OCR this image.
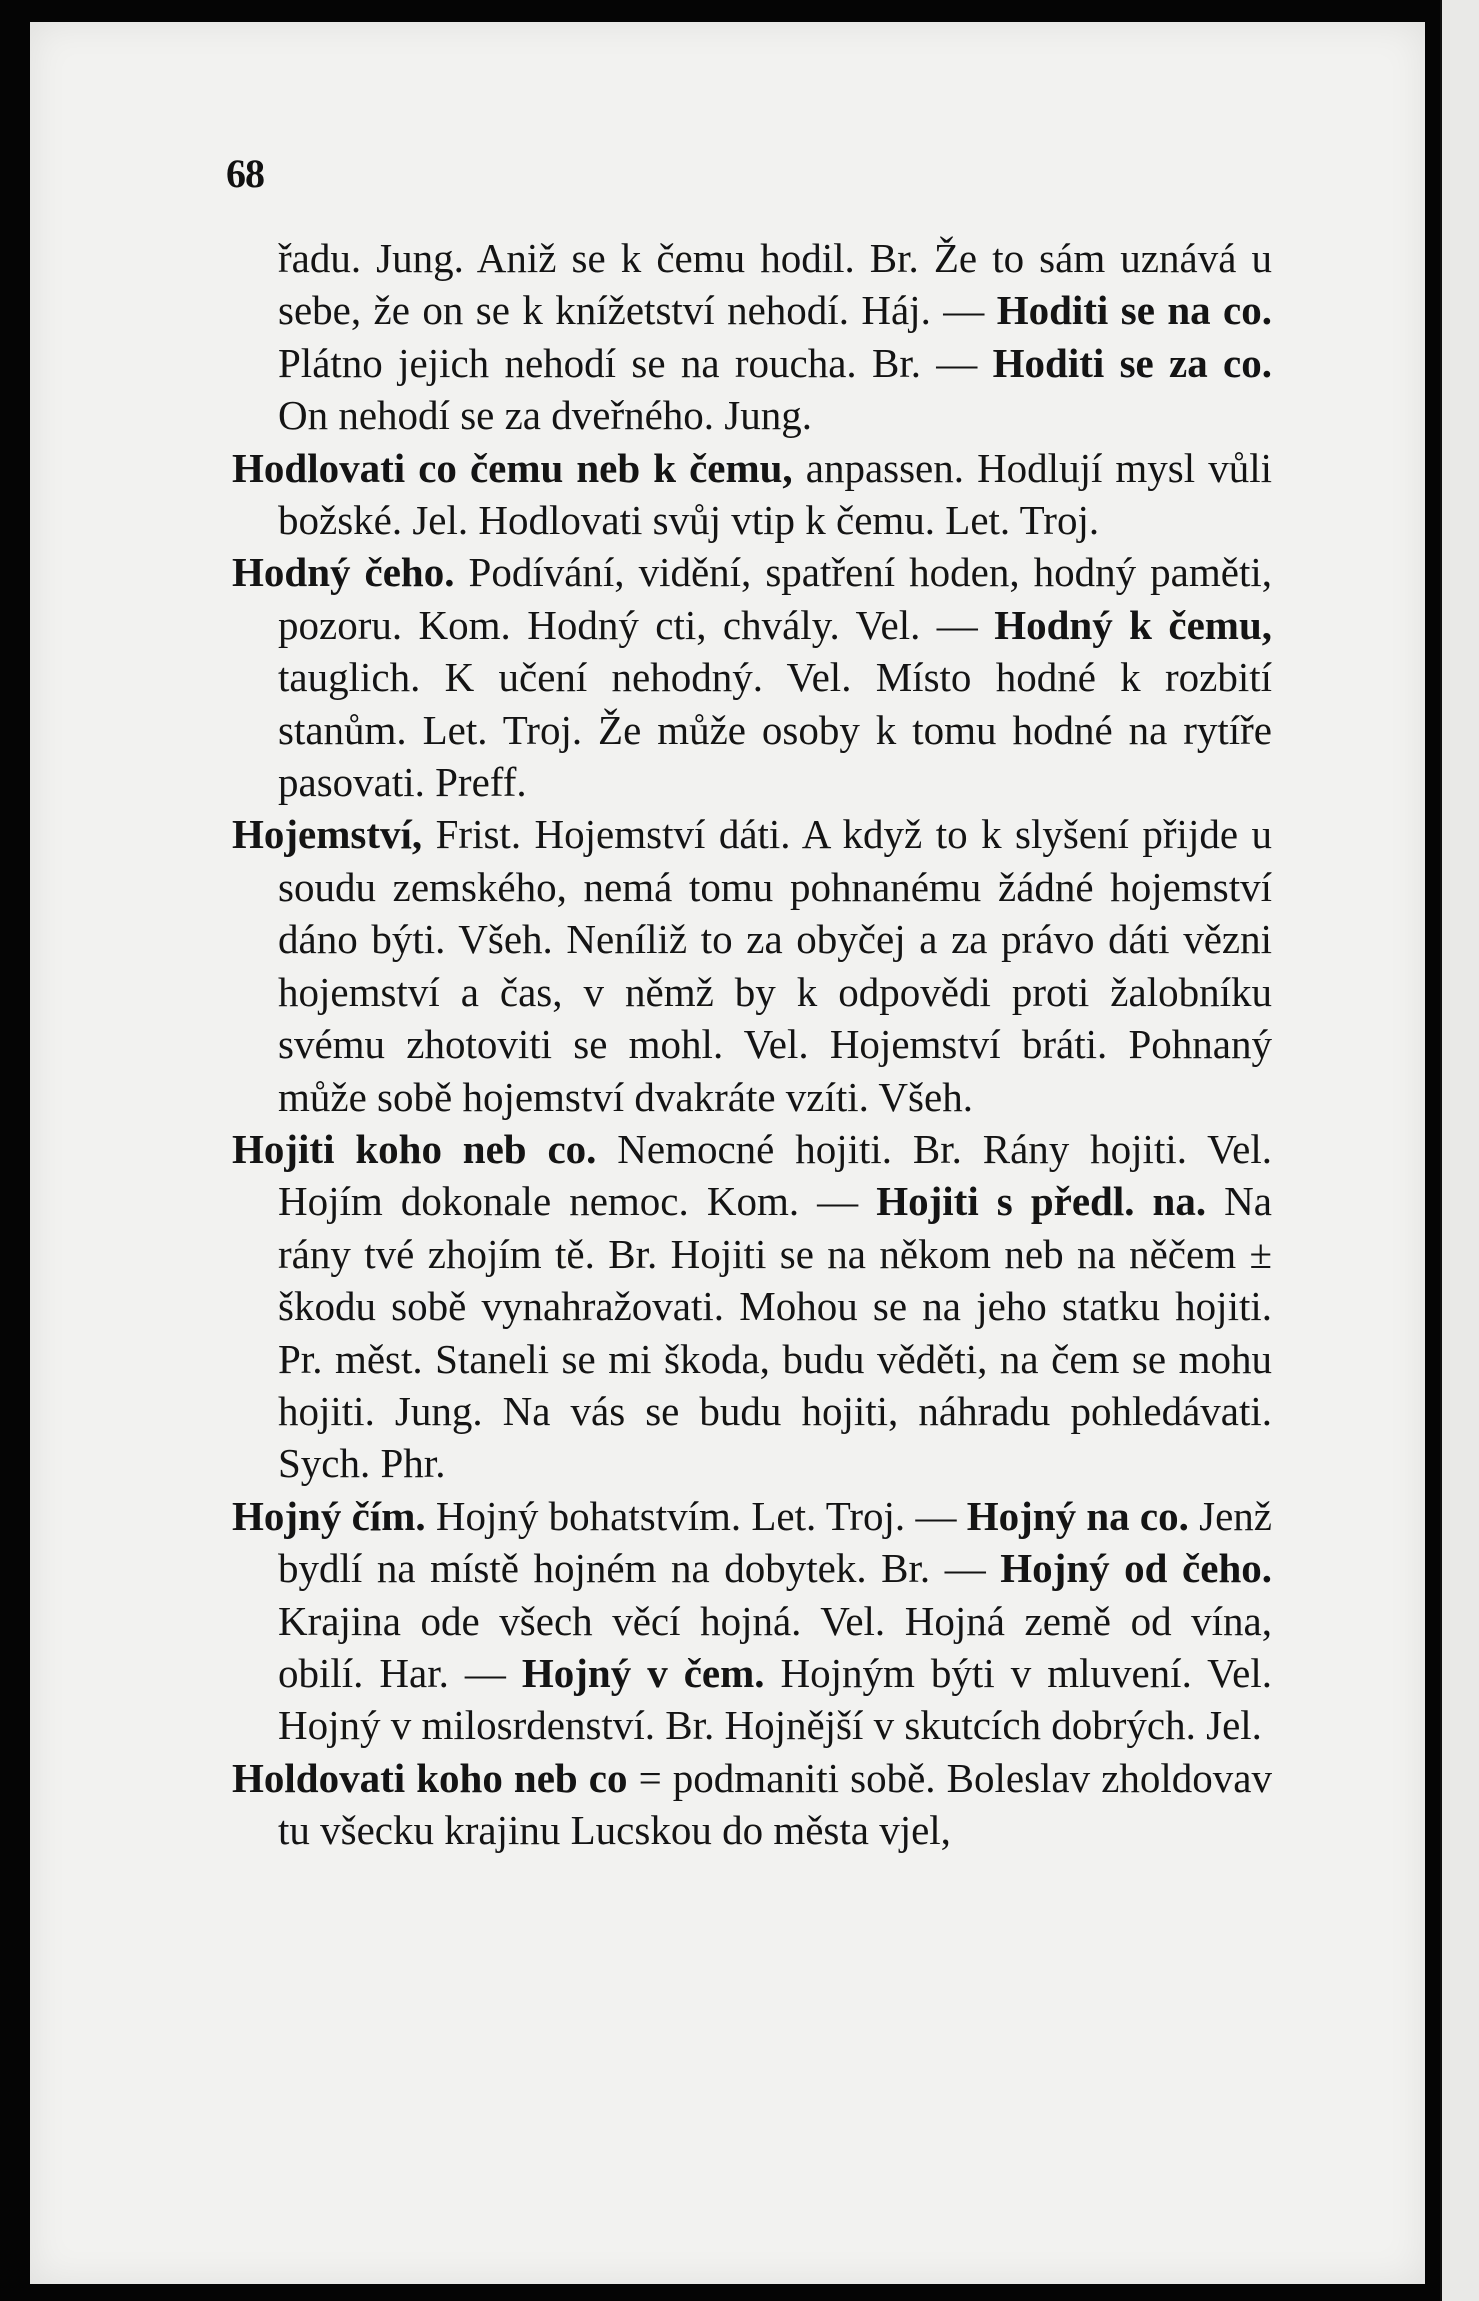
68
řadu. Jung. Aniž se k čemu hodil. Br. Že to sám uznává u sebe, že on se k knížetství nehodí. Háj. — Hoditi se na co. Plátno jejich nehodí se na roucha. Br. — Hoditi se za co. On nehodí se za dveřného. Jung.
Hodlovati co čemu neb k čemu, anpassen. Hodlují mysl vůli božské. Jel. Hodlovati svůj vtip k čemu. Let. Troj.
Hodný čeho. Podívání, vidění, spatření hoden, hodný paměti, pozoru. Kom. Hodný cti, chvály. Vel. — Hodný k čemu, tauglich. K učení nehodný. Vel. Místo hodné k rozbití stanům. Let. Troj. Že může osoby k tomu hodné na rytíře pasovati. Preff.
Hojemství, Frist. Hojemství dáti. A když to k slyšení přijde u soudu zemského, nemá tomu pohnanému žádné hojemství dáno býti. Všeh. Neníliž to za obyčej a za právo dáti vězni hojemství a čas, v němž by k odpovědi proti žalobníku svému zhotoviti se mohl. Vel. Hojemství bráti. Pohnaný může sobě hojemství dvakráte vzíti. Všeh.
Hojiti koho neb co. Nemocné hojiti. Br. Rány hojiti. Vel. Hojím dokonale nemoc. Kom. — Hojiti s předl. na. Na rány tvé zhojím tě. Br. Hojiti se na někom neb na něčem ± škodu sobě vynahražovati. Mohou se na jeho statku hojiti. Pr. měst. Staneli se mi škoda, budu věděti, na čem se mohu hojiti. Jung. Na vás se budu hojiti, náhradu pohledávati. Sych. Phr.
Hojný čím. Hojný bohatstvím. Let. Troj. — Hojný na co. Jenž bydlí na místě hojném na dobytek. Br. — Hojný od čeho. Krajina ode všech věcí hojná. Vel. Hojná země od vína, obilí. Har. — Hojný v čem. Hojným býti v mluvení. Vel. Hojný v milosrdenství. Br. Hojnější v skutcích dobrých. Jel.
Holdovati koho neb co = podmaniti sobě. Boleslav zholdovav tu všecku krajinu Lucskou do města vjel,
